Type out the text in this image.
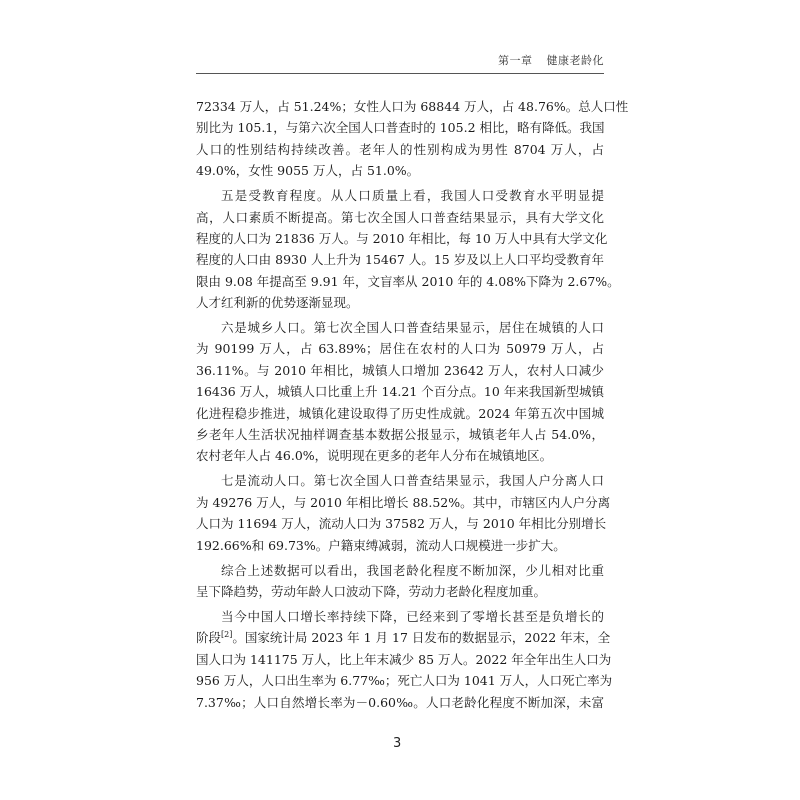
第一章 健康老龄化
72334 万人，占 51.24%；女性人口为 68844 万人，占 48.76%。总人口性
别比为 105.1，与第六次全国人口普查时的 105.2 相比，略有降低。我国
人口的性别结构持续改善。老年人的性别构成为男性 8704 万人，占
49.0%，女性 9055 万人，占 51.0%。
五是受教育程度。从人口质量上看，我国人口受教育水平明显提
高，人口素质不断提高。第七次全国人口普查结果显示，具有大学文化
程度的人口为 21836 万人。与 2010 年相比，每 10 万人中具有大学文化
程度的人口由 8930 人上升为 15467 人。15 岁及以上人口平均受教育年
限由 9.08 年提高至 9.91 年，文盲率从 2010 年的 4.08%下降为 2.67%。
人才红利新的优势逐渐显现。
六是城乡人口。第七次全国人口普查结果显示，居住在城镇的人口
为 90199 万人，占 63.89%；居住在农村的人口为 50979 万人，占
36.11%。与 2010 年相比，城镇人口增加 23642 万人，农村人口减少
16436 万人，城镇人口比重上升 14.21 个百分点。10 年来我国新型城镇
化进程稳步推进，城镇化建设取得了历史性成就。2024 年第五次中国城
乡老年人生活状况抽样调查基本数据公报显示，城镇老年人占 54.0%，
农村老年人占 46.0%，说明现在更多的老年人分布在城镇地区。
七是流动人口。第七次全国人口普查结果显示，我国人户分离人口
为 49276 万人，与 2010 年相比增长 88.52%。其中，市辖区内人户分离
人口为 11694 万人，流动人口为 37582 万人，与 2010 年相比分别增长
192.66%和 69.73%。户籍束缚减弱，流动人口规模进一步扩大。
综合上述数据可以看出，我国老龄化程度不断加深，少儿相对比重
呈下降趋势，劳动年龄人口波动下降，劳动力老龄化程度加重。
当今中国人口增长率持续下降，已经来到了零增长甚至是负增长的
阶段[2]。国家统计局 2023 年 1 月 17 日发布的数据显示，2022 年末，全
国人口为 141175 万人，比上年末减少 85 万人。2022 年全年出生人口为
956 万人，人口出生率为 6.77‰；死亡人口为 1041 万人，人口死亡率为
7.37‰；人口自然增长率为－0.60‰。人口老龄化程度不断加深，未富
3
